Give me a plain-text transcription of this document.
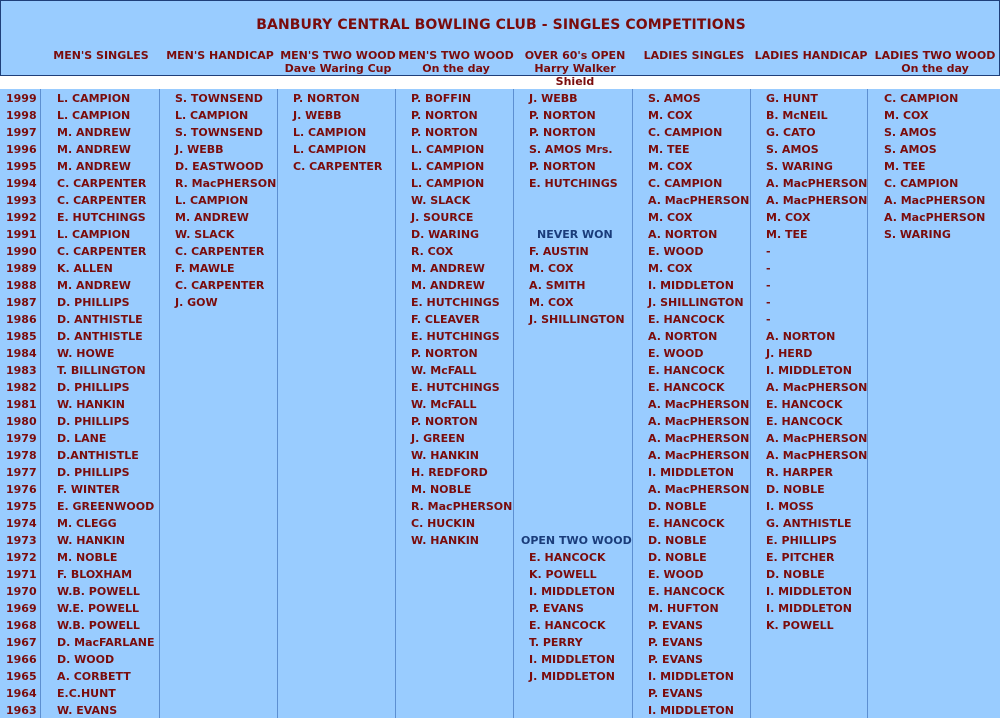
BANBURY CENTRAL BOWLING CLUB - SINGLES COMPETITIONS
MEN'S SINGLES	MEN'S HANDICAP MEN'S TWO WOOD
Dave Waring Cup
MEN'S TWO WOOD
On the day
OVER 60's OPEN
Harry Walker Shield
LADIES SINGLES LADIES HANDICAP LADIES TWO WOOD
On the day
1999
1998
1997
1996
1995
1994
1993
1992
1991
1990
1989
1988
1987
1986
1985
1984
1983
1982
1981
1980
1979
1978
1977
1976
1975
1974
1973
1972
1971
1970
1969
1968
1967
1966
1965
1964
1963
L. CAMPION
L. CAMPION
M. ANDREW
M. ANDREW
M. ANDREW
C. CARPENTER
C. CARPENTER
E. HUTCHINGS
L. CAMPION
C. CARPENTER
K. ALLEN
M. ANDREW
D. PHILLIPS
D. ANTHISTLE
D. ANTHISTLE
W. HOWE
T. BILLINGTON
D. PHILLIPS
W. HANKIN
D. PHILLIPS
D. LANE
D.ANTHISTLE
D. PHILLIPS
F. WINTER
E. GREENWOOD
M. CLEGG
W. HANKIN
M. NOBLE
F. BLOXHAM
W.B. POWELL
W.E. POWELL
W.B. POWELL
D. MacFARLANE
D. WOOD
A. CORBETT
E.C.HUNT
W. EVANS
S. TOWNSEND
L. CAMPION
S. TOWNSEND
J. WEBB
D. EASTWOOD
R. MacPHERSON
L. CAMPION
M. ANDREW
W. SLACK
C. CARPENTER
F. MAWLE
C. CARPENTER
J. GOW
P. NORTON
J. WEBB
L. CAMPION
L. CAMPION
C. CARPENTER
P. BOFFIN
P. NORTON
P. NORTON
L. CAMPION
L. CAMPION
L. CAMPION
W. SLACK
J. SOURCE
D. WARING
R. COX
M. ANDREW
M. ANDREW
E. HUTCHINGS
F. CLEAVER
E. HUTCHINGS
P. NORTON
W. McFALL
E. HUTCHINGS
W. McFALL
P. NORTON
J. GREEN
W. HANKIN
H. REDFORD
M. NOBLE
R. MacPHERSON
C. HUCKIN
W. HANKIN
J. WEBB
P. NORTON
P. NORTON
S. AMOS Mrs.
P. NORTON
E. HUTCHINGS
NEVER WON
F. AUSTIN
M. COX
A. SMITH
M. COX
J. SHILLINGTON
OPEN TWO WOOD
E. HANCOCK
K. POWELL
I. MIDDLETON
P. EVANS
E. HANCOCK
T. PERRY
I. MIDDLETON
J. MIDDLETON
S. AMOS
M. COX
C. CAMPION
M. TEE
M. COX
C. CAMPION
A. MacPHERSON
M. COX
A. NORTON
E. WOOD
M. COX
I. MIDDLETON
J. SHILLINGTON
E. HANCOCK
A. NORTON
E. WOOD
E. HANCOCK
E. HANCOCK
A. MacPHERSON
A. MacPHERSON
A. MacPHERSON
A. MacPHERSON
I. MIDDLETON
A. MacPHERSON
D. NOBLE
E. HANCOCK
D. NOBLE
D. NOBLE
E. WOOD
E. HANCOCK
M. HUFTON
P. EVANS
P. EVANS
P. EVANS
I. MIDDLETON
P. EVANS
I. MIDDLETON
G. HUNT
B. McNEIL
G. CATO
S. AMOS
S. WARING
A. MacPHERSON
A. MacPHERSON
M. COX
M. TEE
-
-
-
-
-
A. NORTON
J. HERD
I. MIDDLETON
A. MacPHERSON
E. HANCOCK
E. HANCOCK
A. MacPHERSON
A. MacPHERSON
R. HARPER
D. NOBLE
I. MOSS
G. ANTHISTLE
E. PHILLIPS
E. PITCHER
D. NOBLE
I. MIDDLETON
I. MIDDLETON
K. POWELL
C. CAMPION
M. COX
S. AMOS
S. AMOS
M. TEE
C. CAMPION
A. MacPHERSON
A. MacPHERSON
S. WARING
